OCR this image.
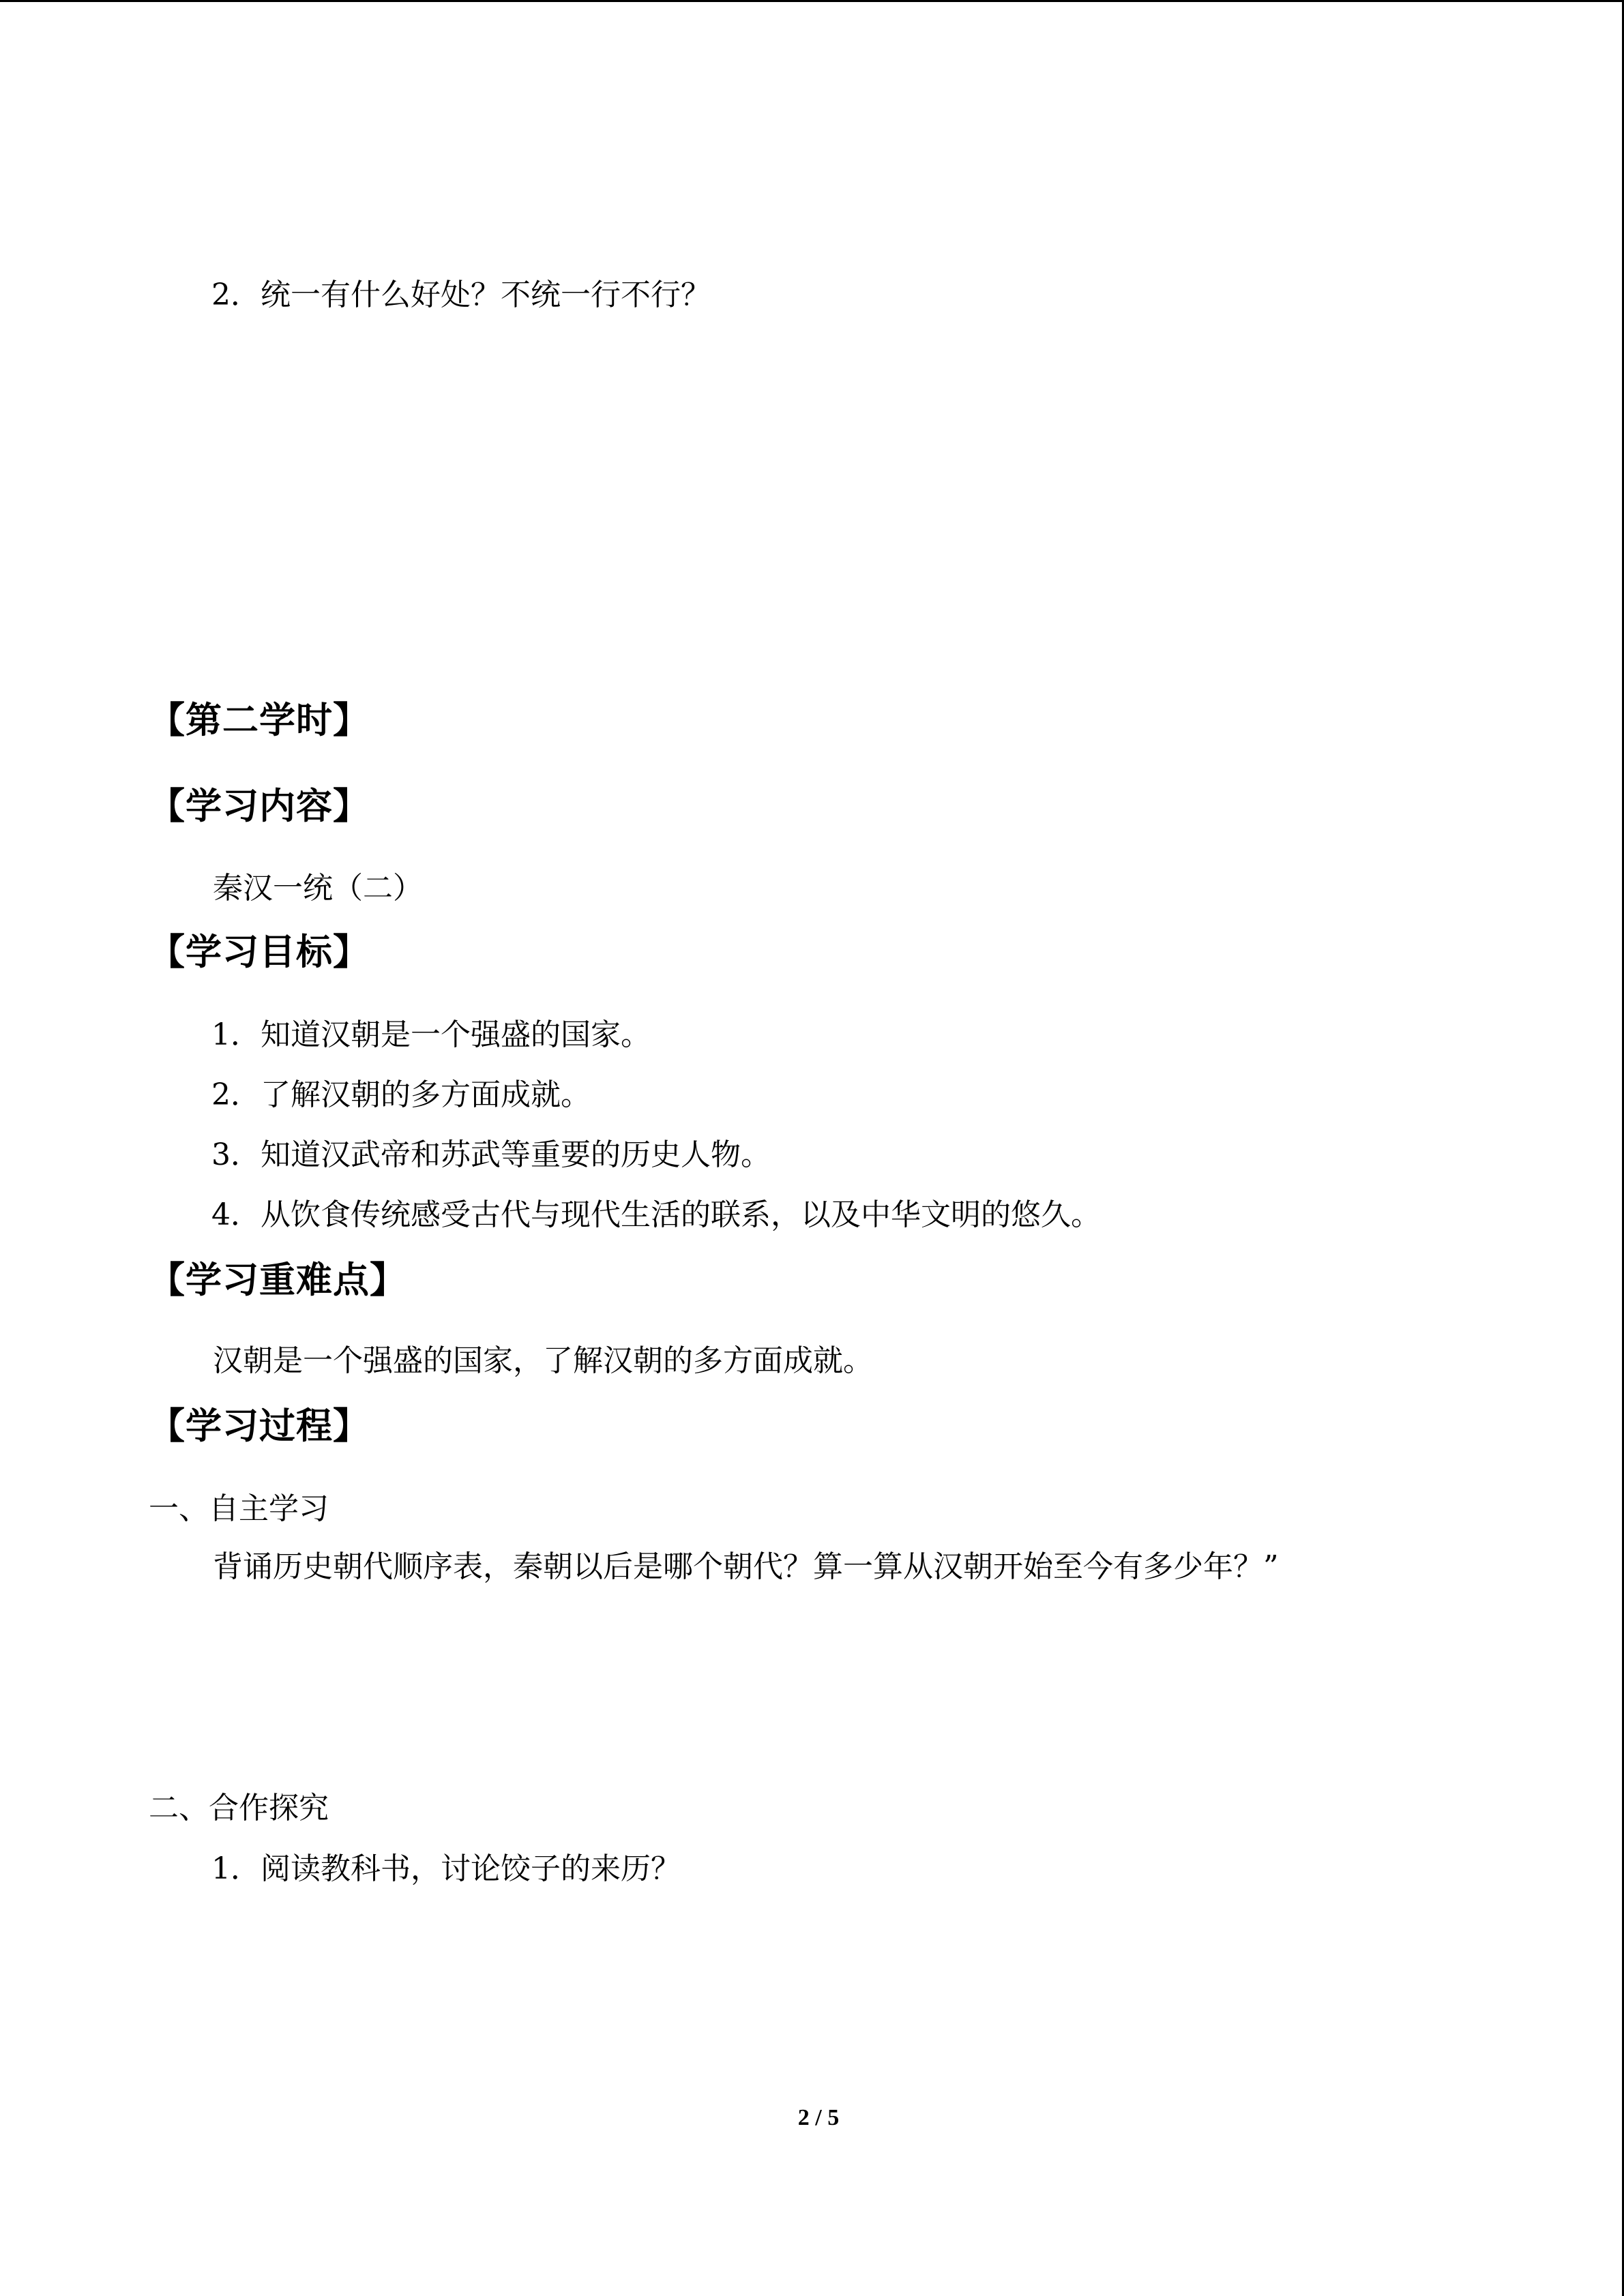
2．统一有什么好处？不统一行不行？
【第二学时】
【学习内容】
秦汉一统（二）
【学习目标】
1．知道汉朝是一个强盛的国家。
2．了解汉朝的多方面成就。
3．知道汉武帝和苏武等重要的历史人物。
4．从饮食传统感受古代与现代生活的联系，以及中华文明的悠久。
【学习重难点】
汉朝是一个强盛的国家，了解汉朝的多方面成就。
【学习过程】
一、自主学习
背诵历史朝代顺序表，秦朝以后是哪个朝代？算一算从汉朝开始至今有多少年？”
二、合作探究
1．阅读教科书，讨论饺子的来历？
2 / 5
